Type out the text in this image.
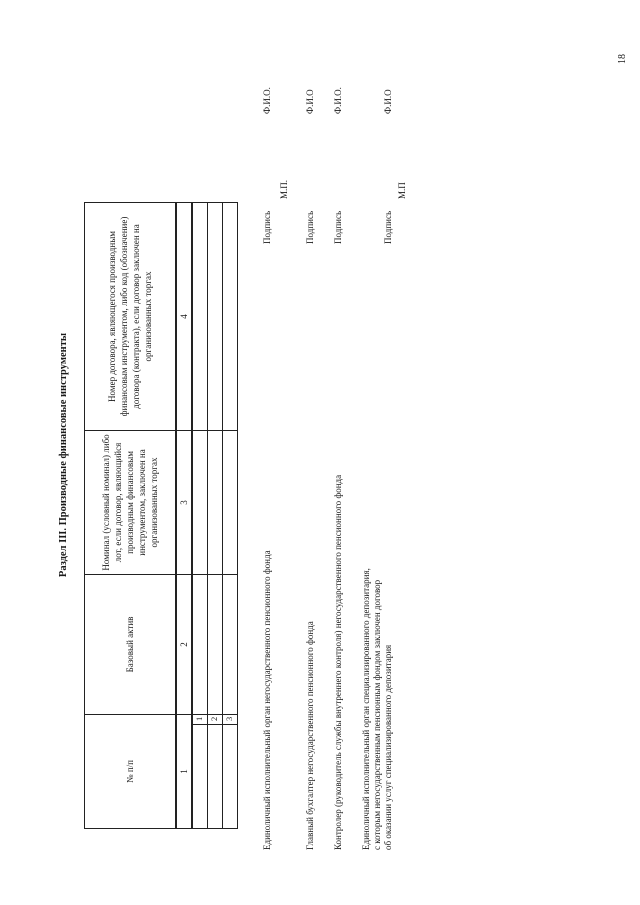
18
Раздел III. Производные финансовые инструменты
№ п/п		Базовый актив	Номинал (условный номинал) либо лот, если договор, являющийся производным финансовым инструментом, заключен на организованных торгах	Номер договора, являющегося производным финансовым инструментом, либо код (обозначение) договора (контракта), если договор заключен на организованных торгах
1		2	3	4
	1			
	2			
	3				Единоличный исполнительный орган негосударственного пенсионного фонда
Подпись
Ф.И.О.
М.П.
Главный бухгалтер негосударственного пенсионного фонда
Подпись
Ф.И.О
Контролер (руководитель службы внутреннего контроля) негосударственного пенсионного фонда
Подпись
Ф.И.О.
Единоличный исполнительный орган специализированного депозитария, с которым негосударственным пенсионным фондом заключен договор об оказании услуг специализированного депозитария
Подпись
Ф.И.О
М.П
